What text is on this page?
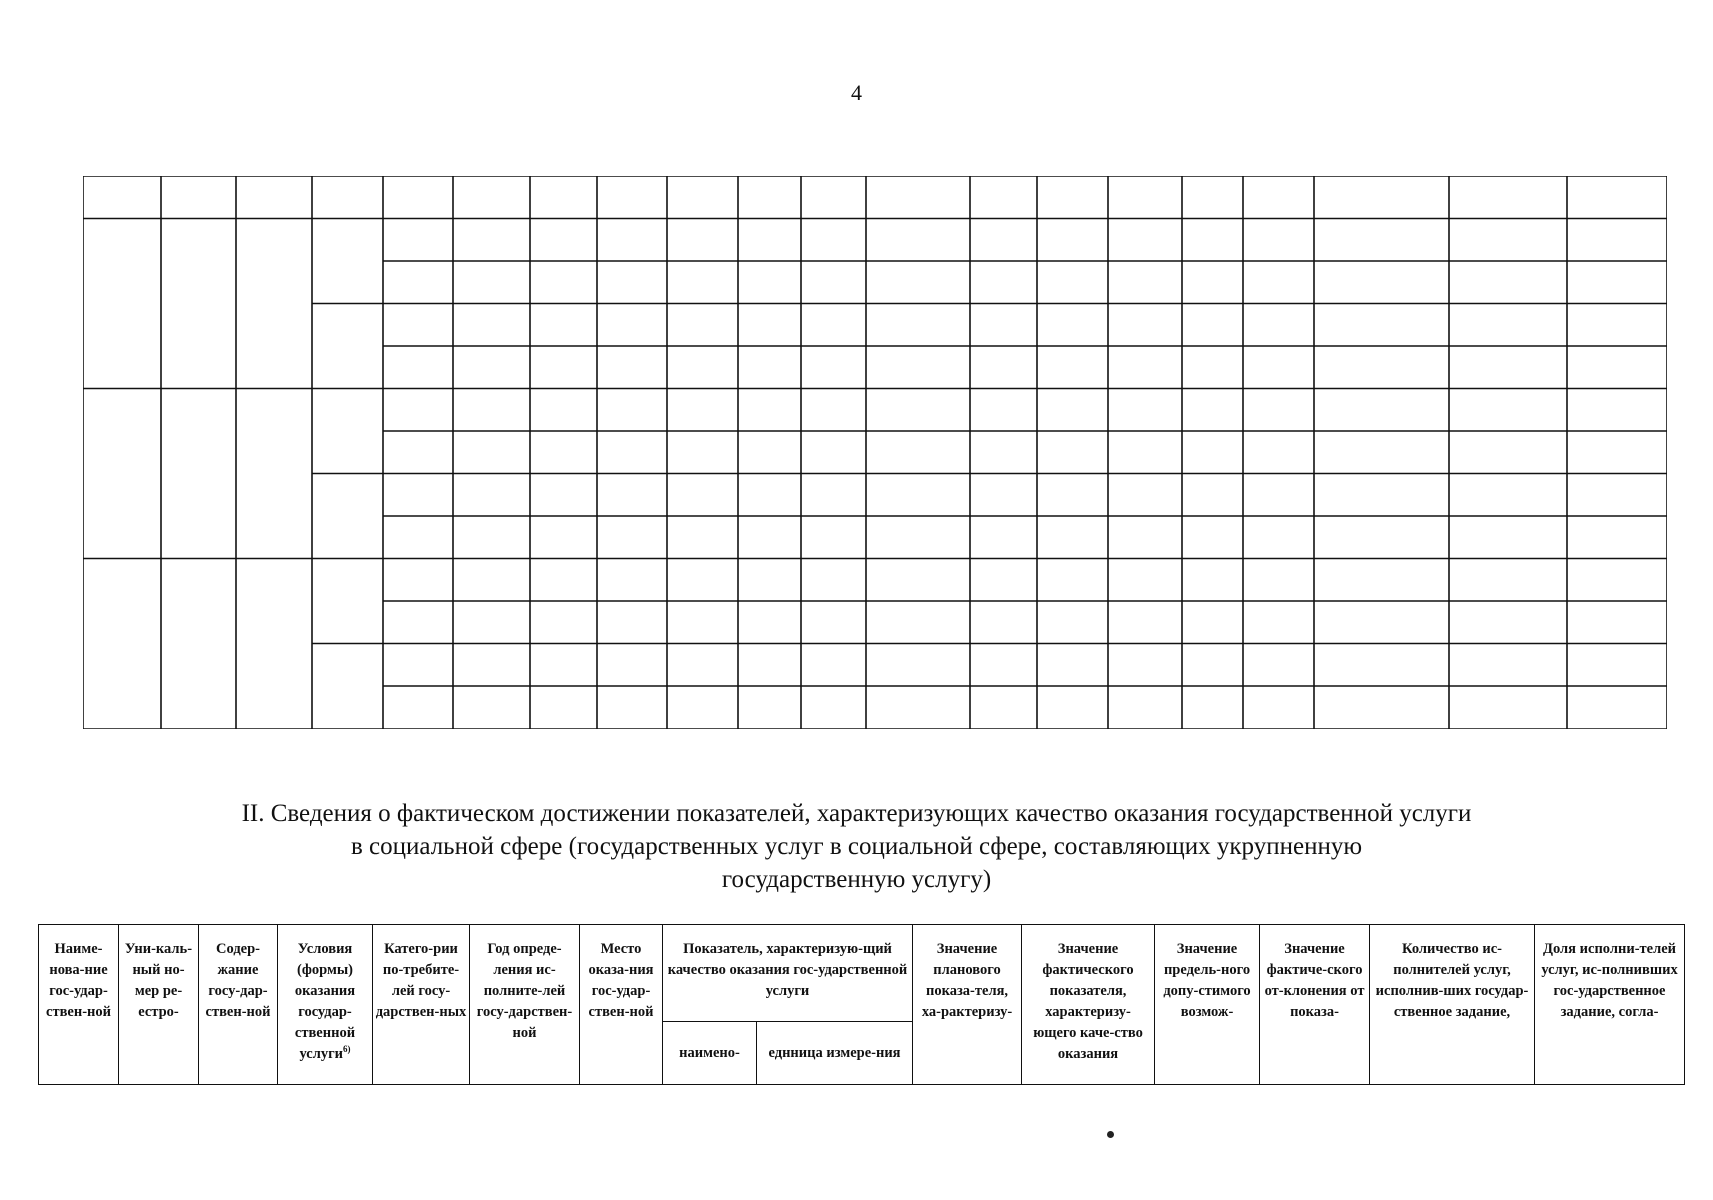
4
II. Сведения о фактическом достижении показателей, характеризующих качество оказания государственной услуги
в социальной сфере (государственных услуг в социальной сфере, составляющих укрупненную
государственную услугу)
Наиме-нова-ние гос-удар-ствен-ной	Уни-каль-ный но-мер ре-естро-	Содер-жание госу-дар-ствен-ной	Условия (формы) оказания государ-ственной услуги$^{6)}$	Катего-рии по-требите-лей госу-дарствен-ных	Год опреде-ления ис-полните-лей госу-дарствен-ной	Место оказа-ния гос-удар-ствен-ной	Показатель, характеризую-щий качество оказания гос-ударственной услуги		Значение планового показа-теля, ха-рактеризу-	Значение фактического показателя, характеризу-ющего каче-ство оказания	Значение предель-ного допу-стимого возмож-	Значение фактиче-ского от-клонения от показа-	Количество ис-полнителей услуг, исполнив-ших государ-ственное задание,	Доля исполни-телей услуг, ис-полнивших гос-ударственное задание, согла-

							наимено-	еднница измере-ния						
